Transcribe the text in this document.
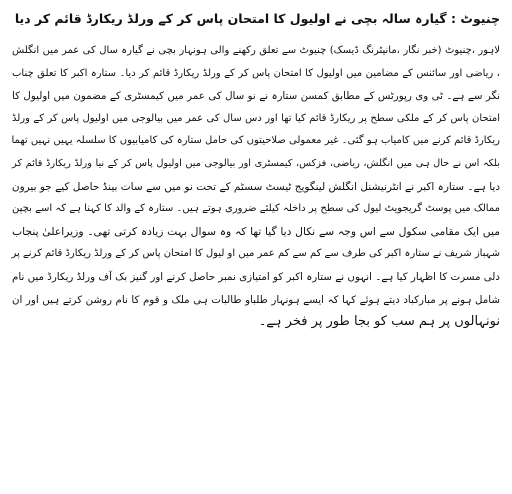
چنیوٹ : گیارہ سالہ بچی نے اولیول کا امتحان پاس کر کے ورلڈ ریکارڈ قائم کر دیا
لاہور ،چنیوٹ (خبر نگار ،مانیٹرنگ ڈیسک) چنیوٹ سے تعلق رکھنے والی ہونہار بچی نے گیارہ سال کی عمر میں انگلش
، ریاضی اور سائنس کے مضامین میں اولیول کا امتحان پاس کر کے ورلڈ ریکارڈ قائم کر دیا۔ ستارہ اکبر کا تعلق چناب
نگر سے ہے۔ ٹی وی رپورٹس کے مطابق کمسن ستارہ نے نو سال کی عمر میں کیمسٹری کے مضمون میں اولیول کا
امتحان پاس کر کے ملکی سطح پر ریکارڈ قائم کیا تھا اور دس سال کی عمر میں بیالوجی میں اولیول پاس کر کے ورلڈ
ریکارڈ قائم کرنے میں کامیاب ہو گئی۔ غیر معمولی صلاحیتوں کی حامل ستارہ کی کامیابیوں کا سلسلہ یہیں نہیں تھما
بلکہ اس نے حال ہی میں انگلش، ریاضی، فزکس، کیمسٹری اور بیالوجی میں اولیول پاس کر کے نیا ورلڈ ریکارڈ قائم کر
دیا ہے۔ ستارہ اکبر نے انٹرنیشنل انگلش لینگویج ٹیسٹ سسٹم کے تحت نو میں سے سات بینڈ حاصل کیے جو بیرون
ممالک میں پوسٹ گریجویٹ لیول کی سطح پر داخلہ کیلئے ضروری ہوتے ہیں۔ ستارہ کے والد کا کہنا ہے کہ اسے بچپن
میں ایک مقامی سکول سے اس وجہ سے نکال دیا گیا تھا کہ وہ سوال بہت زیادہ کرتی تھی۔ وزیراعلیٰ پنجاب
شہباز شریف نے ستارہ اکبر کی طرف سے کم سے کم عمر میں او لیول کا امتحان پاس کر کے ورلڈ ریکارڈ قائم کرنے پر
دلی مسرت کا اظہار کیا ہے۔ انہوں نے ستارہ اکبر کو امتیازی نمبر حاصل کرنے اور گنیز بک آف ورلڈ ریکارڈ میں نام
شامل ہونے پر مبارکباد دیتے ہوئے کہا کہ ایسے ہونہار طلباو طالبات ہی ملک و قوم کا نام روشن کرتے ہیں اور ان
نونہالوں پر ہم سب کو بجا طور پر فخر ہے۔
